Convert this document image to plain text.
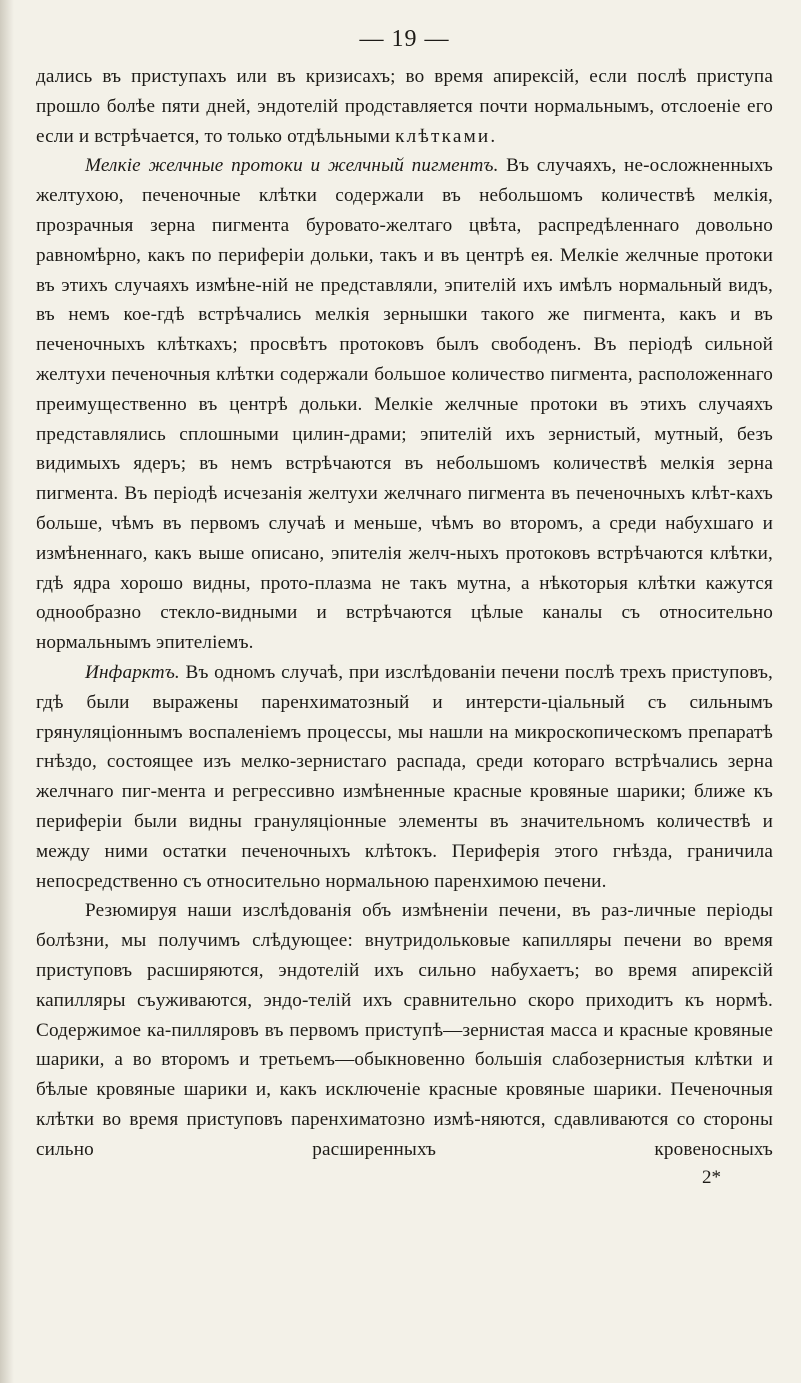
— 19 —

дались въ приступахъ или въ кризисахъ; во время апирексій, если послѣ приступа прошло болѣе пяти дней, эндотелій продставляется почти нормальнымъ, отслоеніе его если и встрѣчается, то только отдѣльными клѣтками.

Мелкіе желчные протоки и желчный пигментъ. Въ случаяхъ, не-осложненныхъ желтухою, печеночные клѣтки содержали въ небольшомъ количествѣ мелкія, прозрачныя зерна пигмента буровато-желтаго цвѣта, распредѣленнаго довольно равномѣрно, какъ по периферіи дольки, такъ и въ центрѣ ея. Мелкіе желчные протоки въ этихъ случаяхъ измѣне-ній не представляли, эпителій ихъ имѣлъ нормальный видъ, въ немъ кое-гдѣ встрѣчались мелкія зернышки такого же пигмента, какъ и въ печеночныхъ клѣткахъ; просвѣтъ протоковъ былъ свободенъ. Въ періодѣ сильной желтухи печеночныя клѣтки содержали большое количество пигмента, расположеннаго преимущественно въ центрѣ дольки. Мелкіе желчные протоки въ этихъ случаяхъ представлялись сплошными цилин-драми; эпителій ихъ зернистый, мутный, безъ видимыхъ ядеръ; въ немъ встрѣчаются въ небольшомъ количествѣ мелкія зерна пигмента. Въ періодѣ исчезанія желтухи желчнаго пигмента въ печеночныхъ клѣт-кахъ больше, чѣмъ въ первомъ случаѣ и меньше, чѣмъ во второмъ, а среди набухшаго и измѣненнаго, какъ выше описано, эпителія желч-ныхъ протоковъ встрѣчаются клѣтки, гдѣ ядра хорошо видны, прото-плазма не такъ мутна, а нѣкоторыя клѣтки кажутся однообразно стекло-видными и встрѣчаются цѣлые каналы съ относительно нормальнымъ эпителіемъ.

Инфарктъ. Въ одномъ случаѣ, при изслѣдованіи печени послѣ трехъ приступовъ, гдѣ были выражены паренхиматозный и интерсти-ціальный съ сильнымъ грянуляціоннымъ воспаленіемъ процессы, мы нашли на микроскопическомъ препаратѣ гнѣздо, состоящее изъ мелко-зернистаго распада, среди котораго встрѣчались зерна желчнаго пиг-мента и регрессивно измѣненные красные кровяные шарики; ближе къ периферіи были видны грануляціонные элементы въ значительномъ количествѣ и между ними остатки печеночныхъ клѣтокъ. Периферія этого гнѣзда, граничила непосредственно съ относительно нормальною паренхимою печени.

Резюмируя наши изслѣдованія объ измѣненіи печени, въ раз-личные періоды болѣзни, мы получимъ слѣдующее: внутридольковые капилляры печени во время приступовъ расширяются, эндотелій ихъ сильно набухаетъ; во время апирексій капилляры съуживаются, эндо-телій ихъ сравнительно скоро приходитъ къ нормѣ. Содержимое ка-пилляровъ въ первомъ приступѣ—зернистая масса и красные кровяные шарики, а во второмъ и третьемъ—обыкновенно большія слабозернистыя клѣтки и бѣлые кровяные шарики и, какъ исключеніе красные кровяные шарики. Печеночныя клѣтки во время приступовъ паренхиматозно измѣ-няются, сдавливаются со стороны сильно расширенныхъ кровеносныхъ

2*
